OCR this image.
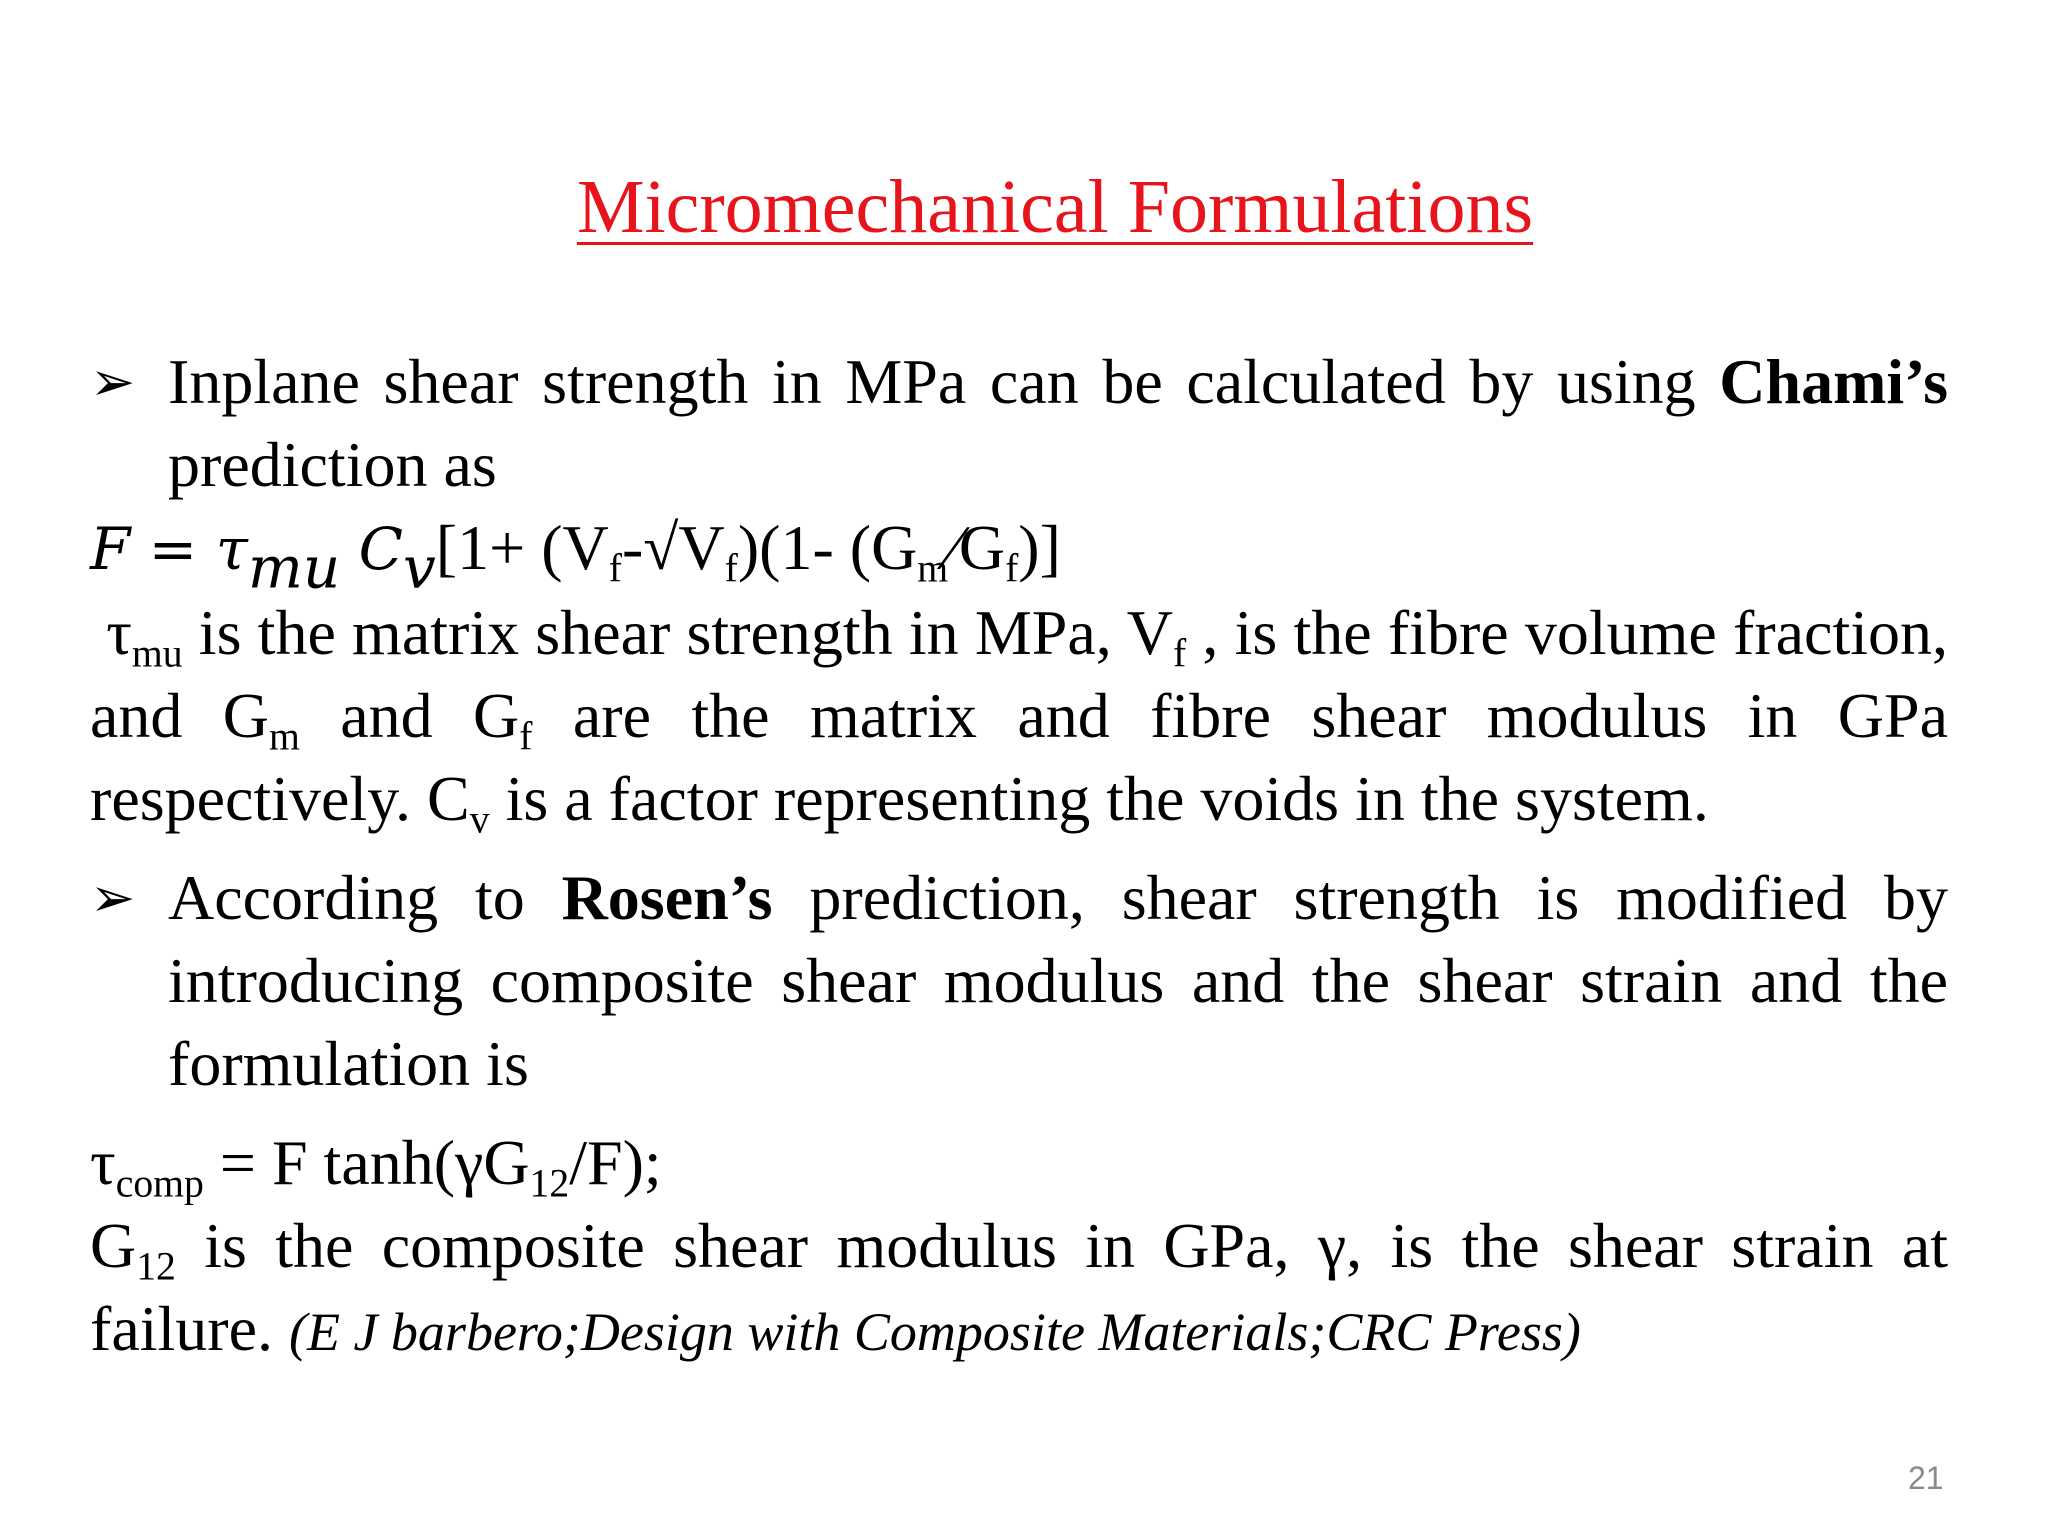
Micromechanical Formulations

➢ Inplane shear strength in MPa can be calculated by using Chami’s prediction as

$F = \tau_{mu}$ $C_v[1+ (V_f-√V_f)(1-$ $(G_m⁄G_f)$]

$\tau_{mu}$ is the matrix shear strength in MPa, $V_f$ , is the fibre volume fraction, and $G_m$ and $G_f$ are the matrix and fibre shear modulus in GPa respectively. $C_v$ is a factor representing the voids in the system.

➢ According to Rosen’s prediction, shear strength is modified by introducing composite shear modulus and the shear strain and the formulation is

$\tau_{comp} = F$ $\tanh(\gamma G_{12}/F)$;

$G_{12}$ is the composite shear modulus in GPa, γ, is the shear strain at failure. (E J barbero;Design with Composite Materials;CRC Press)

21
